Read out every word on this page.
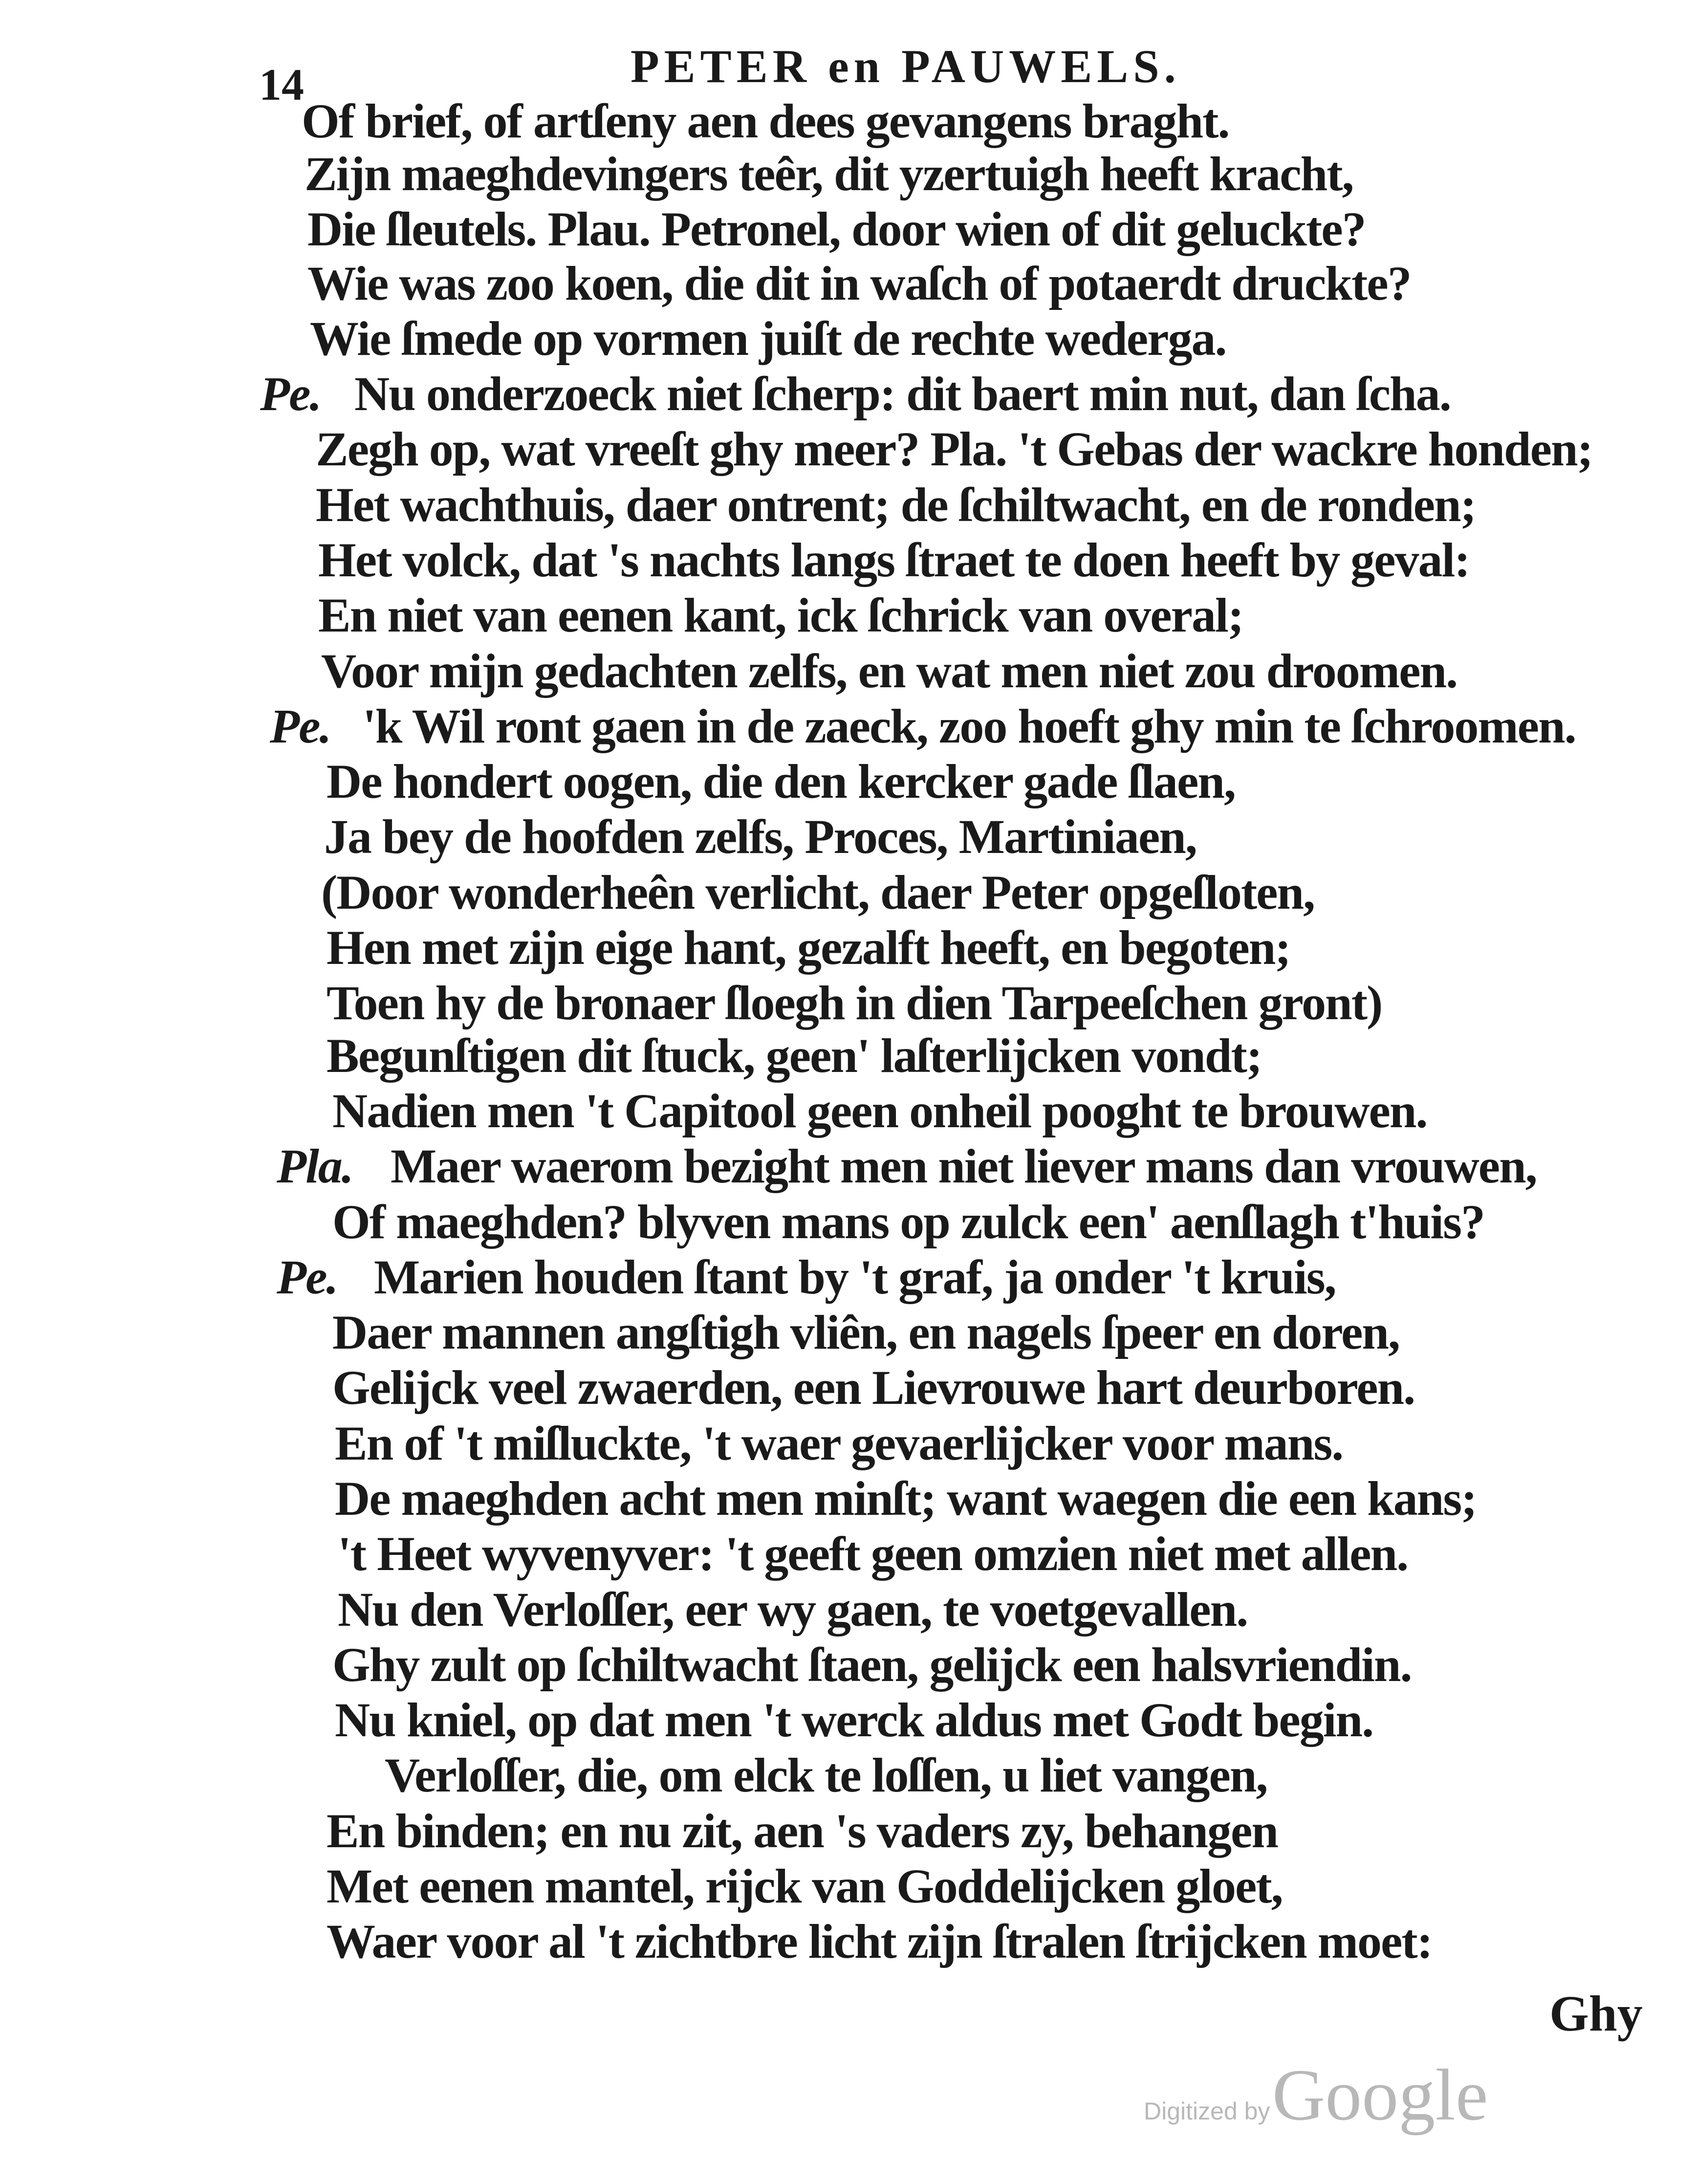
14	PETER en PAUWELS.
Of brief, of artſeny aen dees gevangens braght.
Zijn maeghdevingers teêr, dit yzertuigh heeft kracht,
Die ſleutels. Plau. Petronel, door wien of dit geluckte?
Wie was zoo koen, die dit in waſch of potaerdt druckte?
Wie ſmede op vormen juiſt de rechte wederga.
Pe. Nu onderzoeck niet ſcherp: dit baert min nut, dan ſcha.
Zegh op, wat vreeſt ghy meer? Pla. 't Gebas der wackre honden;
Het wachthuis, daer ontrent; de ſchiltwacht, en de ronden;
Het volck, dat 's nachts langs ſtraet te doen heeft by geval:
En niet van eenen kant, ick ſchrick van overal;
Voor mijn gedachten zelfs, en wat men niet zou droomen.
Pe. 'k Wil ront gaen in de zaeck, zoo hoeft ghy min te ſchroomen.
De hondert oogen, die den kercker gade ſlaen,
Ja bey de hoofden zelfs, Proces, Martiniaen,
(Door wonderheên verlicht, daer Peter opgeſloten,
Hen met zijn eige hant, gezalft heeft, en begoten;
Toen hy de bronaer ſloegh in dien Tarpeeſchen gront)
Begunſtigen dit ſtuck, geen' laſterlijcken vondt;
Nadien men 't Capitool geen onheil pooght te brouwen.
Pla. Maer waerom bezight men niet liever mans dan vrouwen,
Of maeghden? blyven mans op zulck een' aenſlagh t'huis?
Pe. Marien houden ſtant by 't graf, ja onder 't kruis,
Daer mannen angſtigh vliên, en nagels ſpeer en doren,
Gelijck veel zwaerden, een Lievrouwe hart deurboren.
En of 't miſluckte, 't waer gevaerlijcker voor mans.
De maeghden acht men minſt; want waegen die een kans;
't Heet wyvenyver: 't geeft geen omzien niet met allen.
Nu den Verloſſer, eer wy gaen, te voetgevallen.
Ghy zult op ſchiltwacht ſtaen, gelijck een halsvriendin.
Nu kniel, op dat men 't werck aldus met Godt begin.
Verloſſer, die, om elck te loſſen, u liet vangen,
En binden; en nu zit, aen 's vaders zy, behangen
Met eenen mantel, rijck van Goddelijcken gloet,
Waer voor al 't zichtbre licht zijn ſtralen ſtrijcken moet:
Ghy
Digitized by Google
